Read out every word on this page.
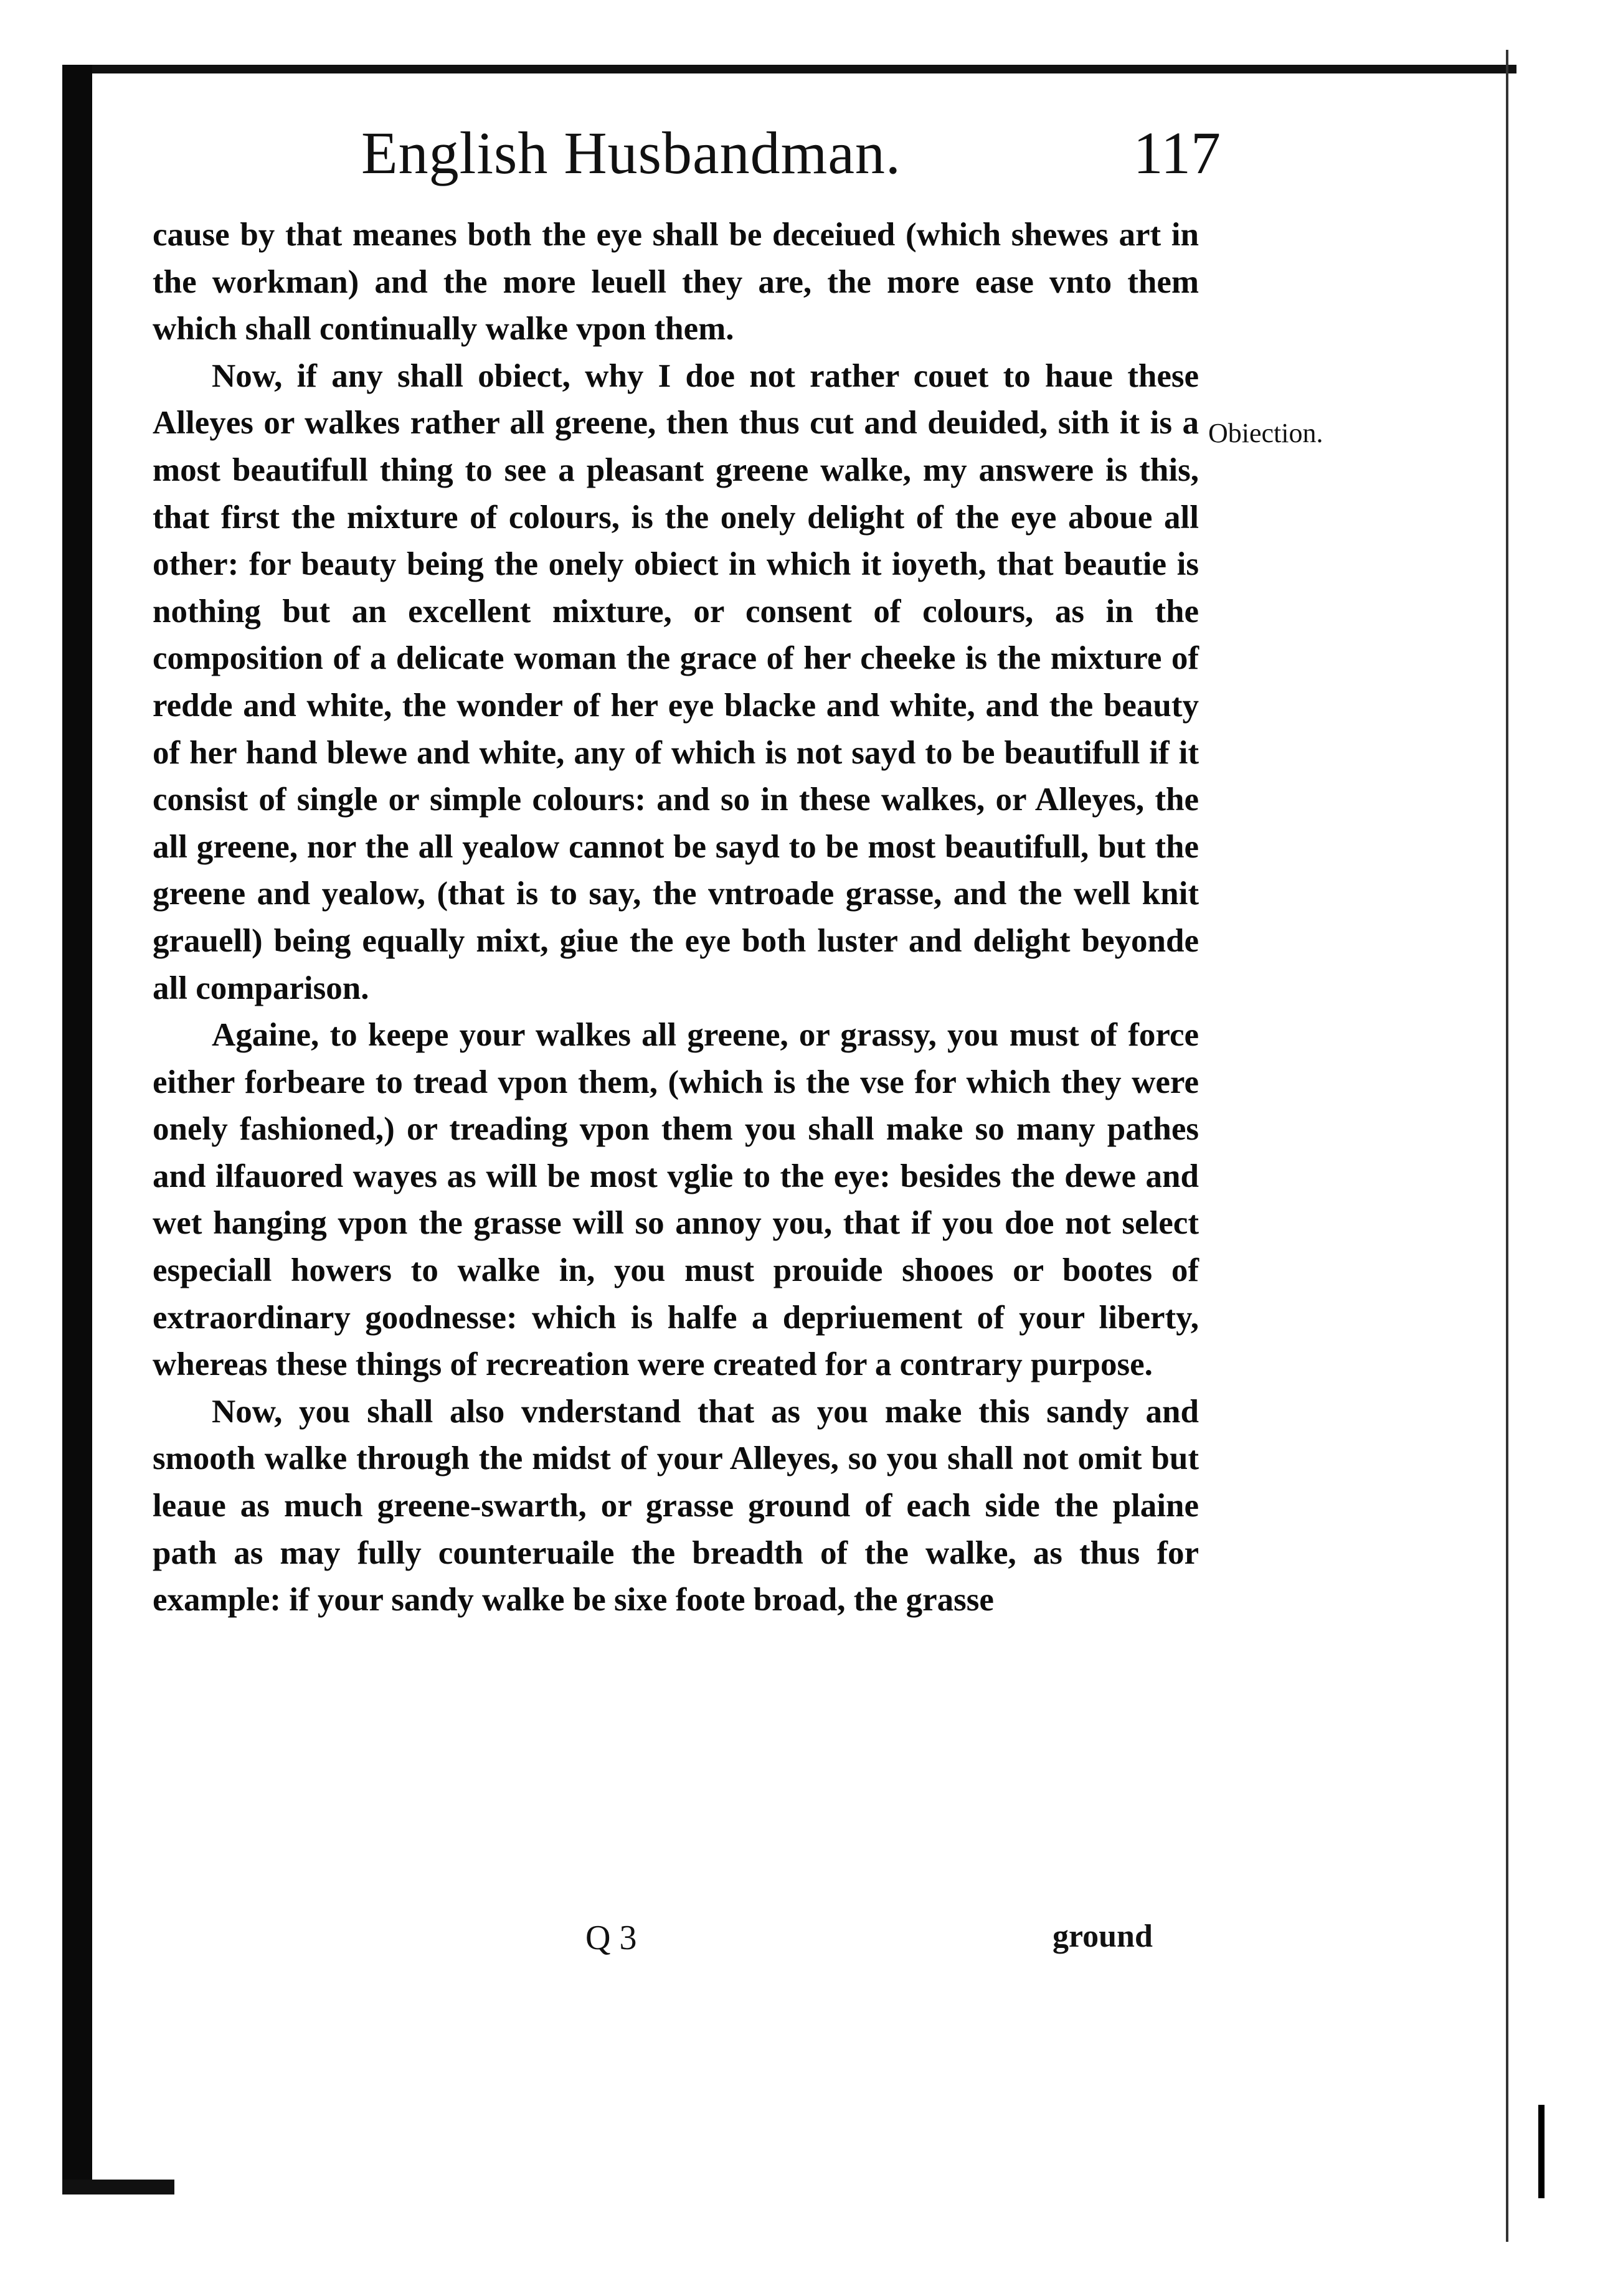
English Husbandman.	117

cause by that meanes both the eye shall be deceiued (which shewes art in the workman) and the more leuell they are, the more ease vnto them which shall continually walke vpon them.

Now, if any shall obiect, why I doe not rather couet to haue these Alleyes or walkes rather all greene, then thus cut and deuided, sith it is a most beautifull thing to see a pleasant greene walke, my answere is this, that first the mixture of colours, is the onely delight of the eye aboue all other: for beauty being the onely obiect in which it ioyeth, that beautie is nothing but an excellent mixture, or consent of colours, as in the composition of a delicate woman the grace of her cheeke is the mixture of redde and white, the wonder of her eye blacke and white, and the beauty of her hand blewe and white, any of which is not sayd to be beautifull if it consist of single or simple colours: and so in these walkes, or Alleyes, the all greene, nor the all yealow cannot be sayd to be most beautifull, but the greene and yealow, (that is to say, the vntroade grasse, and the well knit grauell) being equally mixt, giue the eye both luster and delight beyonde all comparison.

Againe, to keepe your walkes all greene, or grassy, you must of force either forbeare to tread vpon them, (which is the vse for which they were onely fashioned,) or treading vpon them you shall make so many pathes and ilfauored wayes as will be most vglie to the eye: besides the dewe and wet hanging vpon the grasse will so annoy you, that if you doe not select especiall howers to walke in, you must prouide shooes or bootes of extraordinary goodnesse: which is halfe a depriuement of your liberty, whereas these things of recreation were created for a contrary purpose.

Now, you shall also vnderstand that as you make this sandy and smooth walke through the midst of your Alleyes, so you shall not omit but leaue as much greene-swarth, or grasse ground of each side the plaine path as may fully counteruaile the breadth of the walke, as thus for example: if your sandy walke be sixe foote broad, the grasse

Obiection.
Q 3	ground
